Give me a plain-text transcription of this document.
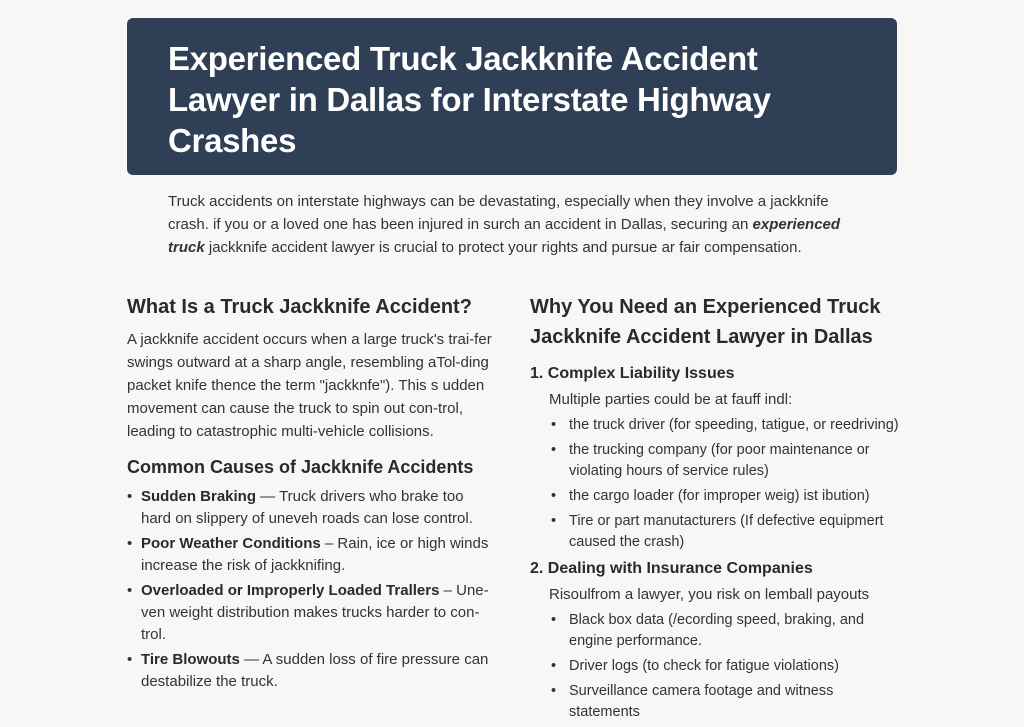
Experienced Truck Jackknife Accident
Lawyer in Dallas for Interstate Highway
Crashes

Truck accidents on interstate highways can be devastating, especially when they involve a jackknife crash. if you or a loved one has been injured in surch an accident in Dallas, securing an experienced truck jackknife accident lawyer is crucial to protect your rights and pursue ar fair compensation.

What Is a Truck Jackknife Accident?

A jackknife accident occurs when a large truck's trai-fer swings outward at a sharp angle, resembling aTol-ding packet knife thence the term "jackknfe"). This s udden movement can cause the truck to spin out con-trol, leading to catastrophic multi-vehicle collisions.

Common Causes of Jackknife Accidents
• Sudden Braking — Truck drivers who brake too hard on slippery of uneveh roads can lose control.
• Poor Weather Conditions – Rain, ice or high winds increase the risk of jackknifing.
• Overloaded or Improperly Loaded Trallers – Une-ven weight distribution makes trucks harder to con-trol.
• Tire Blowouts — A sudden loss of fire pressure can destabilize the truck.
Why You Need an Experienced Truck
Jackknife Accident Lawyer in Dallas
1. Complex Liability Issues

Multiple parties could be at fauff indl:

• the truck driver (for speeding, tatigue, or reedriving)
• the trucking company (for poor maintenance or violating hours of service rules)
• the cargo loader (for improper weig) ist ibution)
• Tire or part manutacturers (If defective equipmert caused the crash)
2. Dealing with Insurance Companies

Risoulfrom a lawyer, you risk on lemball payouts

• Black box data (/ecording speed, braking, and engine performance.
• Driver logs (to check for fatigue violations)
• Surveillance camera footage and witness statements
